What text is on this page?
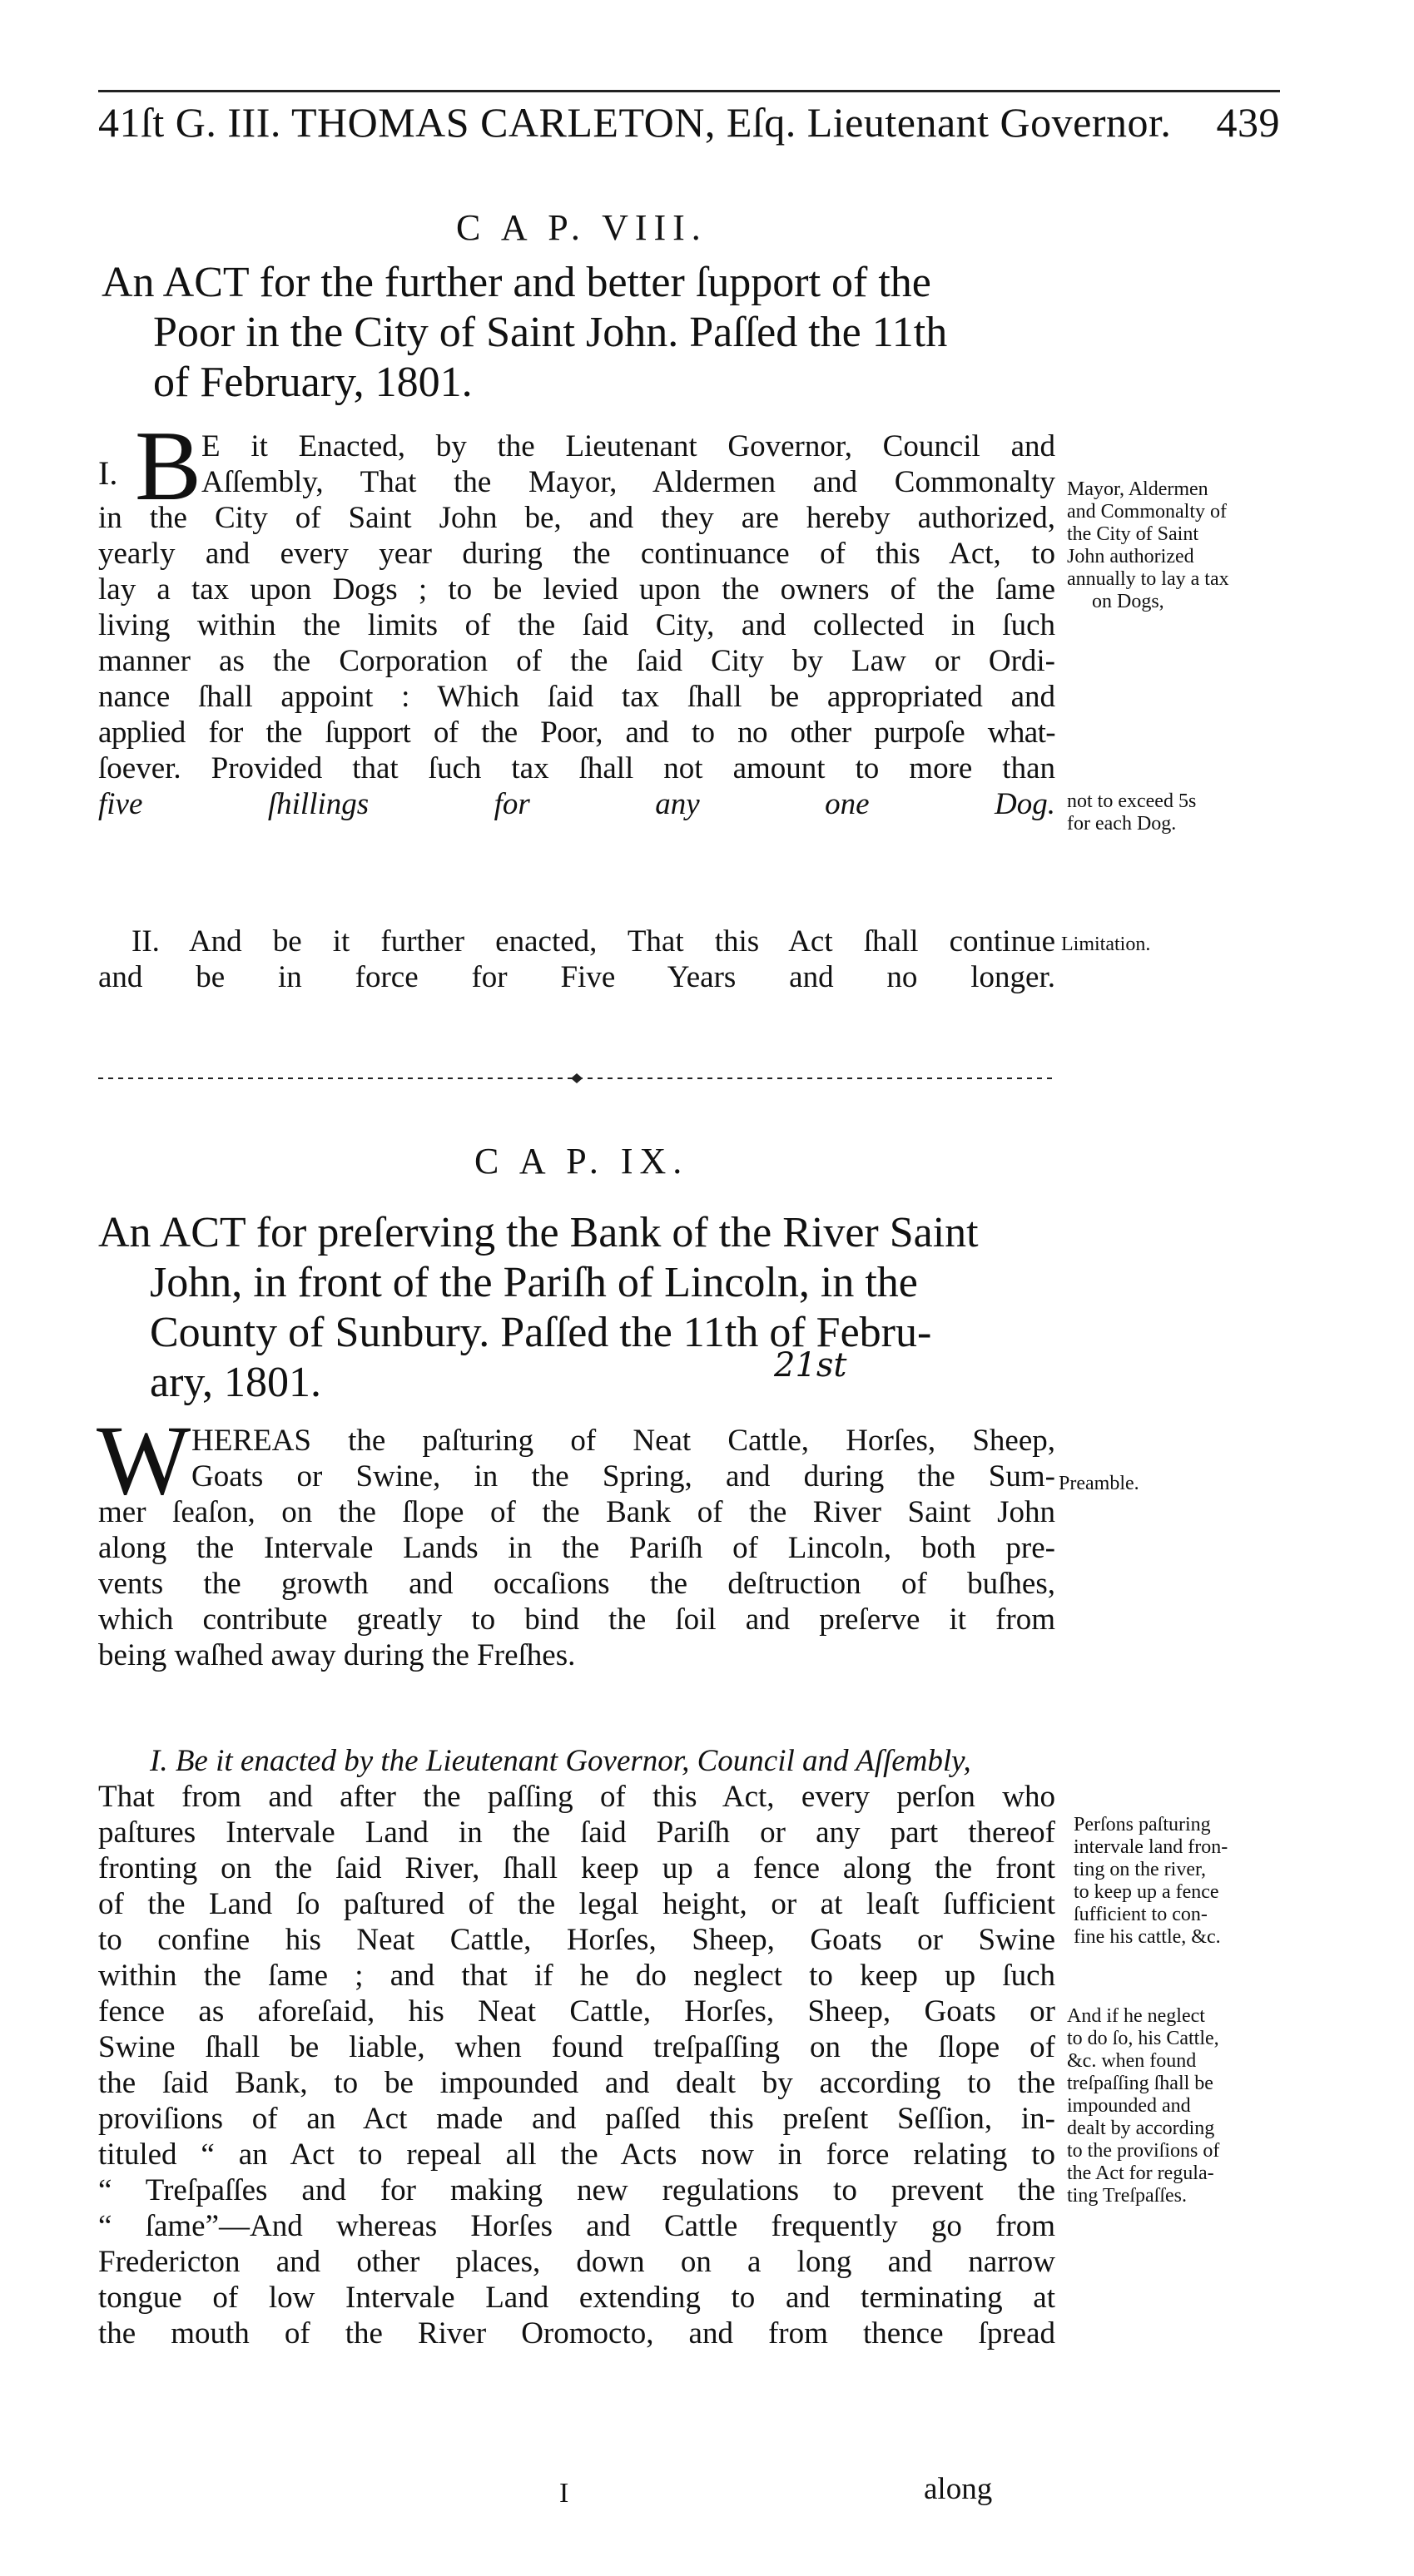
41ſt G. III. THOMAS CARLETON, Eſq. Lieutenant Governor. 439
C A P. VIII.
An ACT for the further and better ſupport of the
Poor in the City of Saint John. Paſſed the 11th
of February, 1801.
I. B E it Enacted, by the Lieutenant Governor, Council and
Aſſembly, That the Mayor, Aldermen and Commonalty
in the City of Saint John be, and they are hereby authorized,
yearly and every year during the continuance of this Act, to
lay a tax upon Dogs ; to be levied upon the owners of the ſame
living within the limits of the ſaid City, and collected in ſuch
manner as the Corporation of the ſaid City by Law or Ordi-
nance ſhall appoint : Which ſaid tax ſhall be appropriated and
applied for the ſupport of the Poor, and to no other purpoſe what-
ſoever. Provided that ſuch tax ſhall not amount to more than
five ſhillings for any one Dog.
Mayor, Aldermen
and Commonalty of
the City of Saint
John authorized
annually to lay a tax
on Dogs,
not to exceed 5s
for each Dog.
II. And be it further enacted, That this Act ſhall continue
and be in force for Five Years and no longer.
Limitation.
C A P. IX.
An ACT for preſerving the Bank of the River Saint
John, in front of the Pariſh of Lincoln, in the
County of Sunbury. Paſſed the 11th of Febru-
ary, 1801.	21st
W HEREAS the paſturing of Neat Cattle, Horſes, Sheep,
Goats or Swine, in the Spring, and during the Sum-
mer ſeaſon, on the ſlope of the Bank of the River Saint John
along the Intervale Lands in the Pariſh of Lincoln, both pre-
vents the growth and occaſions the deſtruction of buſhes,
which contribute greatly to bind the ſoil and preſerve it from
being waſhed away during the Freſhes.
Preamble.
I. Be it enacted by the Lieutenant Governor, Council and Aſſembly,
That from and after the paſſing of this Act, every perſon who
paſtures Intervale Land in the ſaid Pariſh or any part thereof
fronting on the ſaid River, ſhall keep up a fence along the front
of the Land ſo paſtured of the legal height, or at leaſt ſufficient
to confine his Neat Cattle, Horſes, Sheep, Goats or Swine
within the ſame ; and that if he do neglect to keep up ſuch
fence as aforeſaid, his Neat Cattle, Horſes, Sheep, Goats or
Swine ſhall be liable, when found treſpaſſing on the ſlope of
the ſaid Bank, to be impounded and dealt by according to the
proviſions of an Act made and paſſed this preſent Seſſion, in-
tituled “ an Act to repeal all the Acts now in force relating to
“ Treſpaſſes and for making new regulations to prevent the
“ ſame”—And whereas Horſes and Cattle frequently go from
Fredericton and other places, down on a long and narrow
tongue of low Intervale Land extending to and terminating at
the mouth of the River Oromocto, and from thence ſpread
Perſons paſturing
intervale land fron-
ting on the river,
to keep up a fence
ſufficient to con-
fine his cattle, &c.
And if he neglect
to do ſo, his Cattle,
&c. when found
treſpaſſing ſhall be
impounded and
dealt by according
to the proviſions of
the Act for regula-
ting Treſpaſſes.
I	along
